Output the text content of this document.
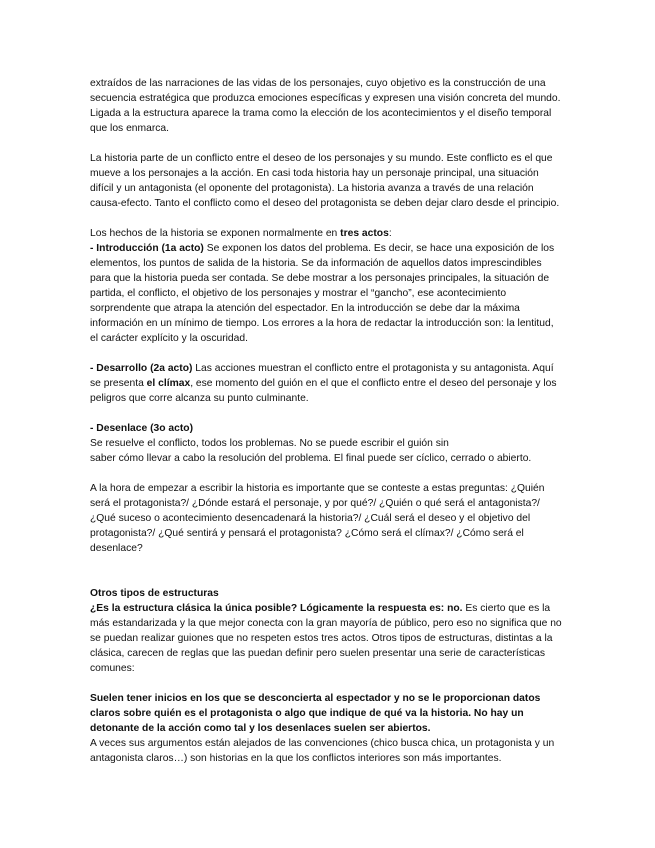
extraídos de las narraciones de las vidas de los personajes, cuyo objetivo es la construcción de una secuencia estratégica que produzca emociones específicas y expresen una visión concreta del mundo. Ligada a la estructura aparece la trama como la elección de los acontecimientos y el diseño temporal que los enmarca.

La historia parte de un conflicto entre el deseo de los personajes y su mundo. Este conflicto es el que mueve a los personajes a la acción. En casi toda historia hay un personaje principal, una situación difícil y un antagonista (el oponente del protagonista). La historia avanza a través de una relación causa-efecto. Tanto el conflicto como el deseo del protagonista se deben dejar claro desde el principio.

Los hechos de la historia se exponen normalmente en tres actos:

- Introducción (1a acto) Se exponen los datos del problema. Es decir, se hace una exposición de los elementos, los puntos de salida de la historia. Se da información de aquellos datos imprescindibles para que la historia pueda ser contada. Se debe mostrar a los personajes principales, la situación de partida, el conflicto, el objetivo de los personajes y mostrar el “gancho”, ese acontecimiento sorprendente que atrapa la atención del espectador. En la introducción se debe dar la máxima información en un mínimo de tiempo. Los errores a la hora de redactar la introducción son: la lentitud, el carácter explícito y la oscuridad.

- Desarrollo (2a acto) Las acciones muestran el conflicto entre el protagonista y su antagonista. Aquí se presenta el clímax, ese momento del guión en el que el conflicto entre el deseo del personaje y los peligros que corre alcanza su punto culminante.

- Desenlace (3o acto)

Se resuelve el conflicto, todos los problemas. No se puede escribir el guión sin

saber cómo llevar a cabo la resolución del problema. El final puede ser cíclico, cerrado o abierto.

A la hora de empezar a escribir la historia es importante que se conteste a estas preguntas: ¿Quién será el protagonista?/ ¿Dónde estará el personaje, y por qué?/ ¿Quién o qué será el antagonista?/ ¿Qué suceso o acontecimiento desencadenará la historia?/ ¿Cuál será el deseo y el objetivo del protagonista?/ ¿Qué sentirá y pensará el protagonista? ¿Cómo será el clímax?/ ¿Cómo será el desenlace?

Otros tipos de estructuras

¿Es la estructura clásica la única posible? Lógicamente la respuesta es: no. Es cierto que es la más estandarizada y la que mejor conecta con la gran mayoría de público, pero eso no significa que no se puedan realizar guiones que no respeten estos tres actos. Otros tipos de estructuras, distintas a la clásica, carecen de reglas que las puedan definir pero suelen presentar una serie de características comunes:

Suelen tener inicios en los que se desconcierta al espectador y no se le proporcionan datos claros sobre quién es el protagonista o algo que indique de qué va la historia. No hay un detonante de la acción como tal y los desenlaces suelen ser abiertos.

A veces sus argumentos están alejados de las convenciones (chico busca chica, un protagonista y un antagonista claros…) son historias en la que los conflictos interiores son más importantes.
